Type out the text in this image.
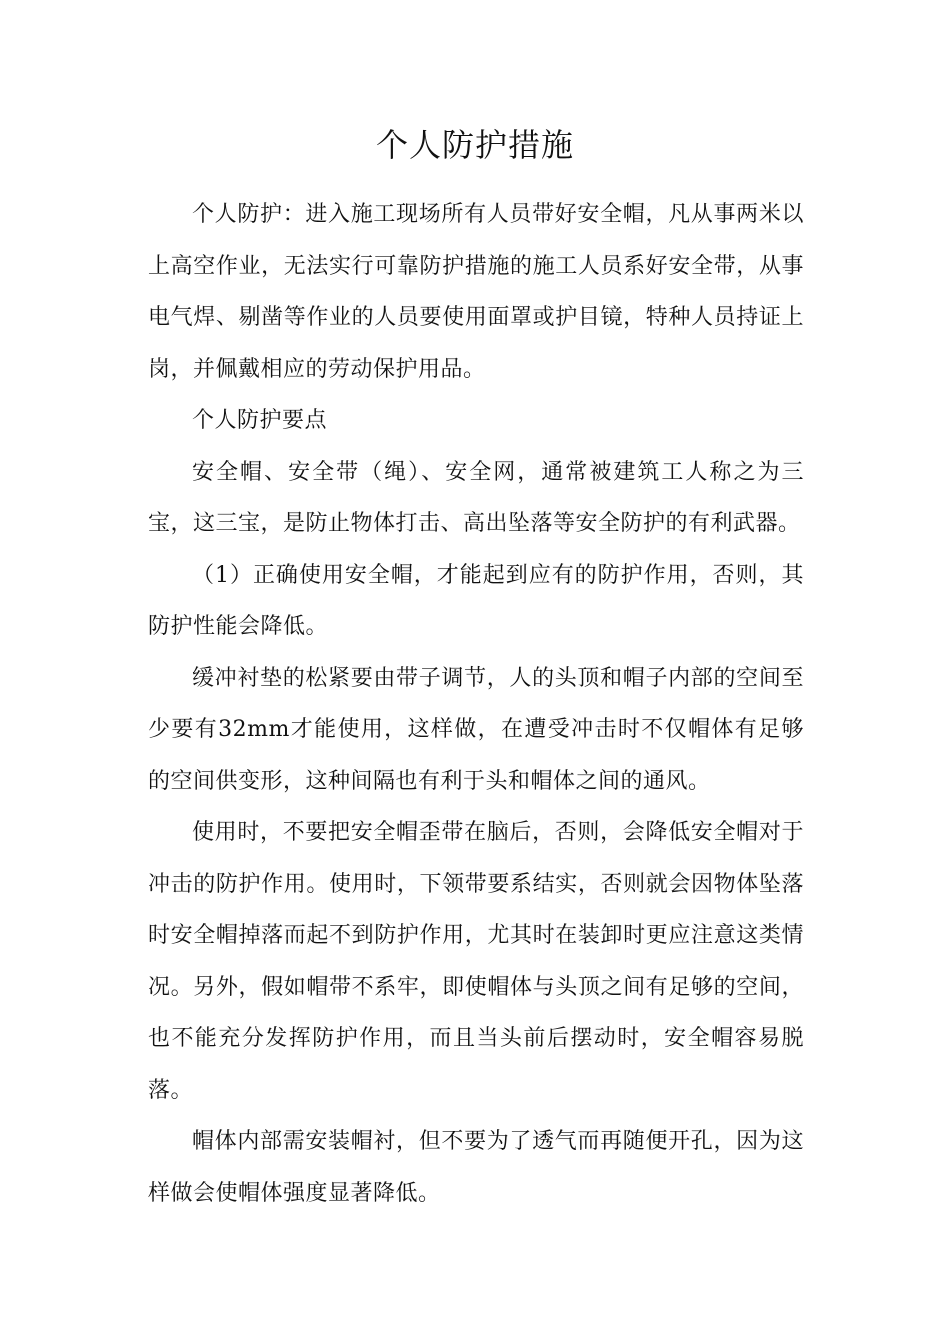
个人防护措施

个人防护：进入施工现场所有人员带好安全帽，凡从事两米以上高空作业，无法实行可靠防护措施的施工人员系好安全带，从事电气焊、剔凿等作业的人员要使用面罩或护目镜，特种人员持证上岗，并佩戴相应的劳动保护用品。

个人防护要点

安全帽、安全带（绳）、安全网，通常被建筑工人称之为三宝，这三宝，是防止物体打击、高出坠落等安全防护的有利武器。

（1）正确使用安全帽，才能起到应有的防护作用，否则，其防护性能会降低。

缓冲衬垫的松紧要由带子调节，人的头顶和帽子内部的空间至少要有32mm才能使用，这样做，在遭受冲击时不仅帽体有足够的空间供变形，这种间隔也有利于头和帽体之间的通风。

使用时，不要把安全帽歪带在脑后，否则，会降低安全帽对于冲击的防护作用。使用时，下领带要系结实，否则就会因物体坠落时安全帽掉落而起不到防护作用，尤其时在装卸时更应注意这类情况。另外，假如帽带不系牢，即使帽体与头顶之间有足够的空间，也不能充分发挥防护作用，而且当头前后摆动时，安全帽容易脱落。

帽体内部需安装帽衬，但不要为了透气而再随便开孔，因为这样做会使帽体强度显著降低。
